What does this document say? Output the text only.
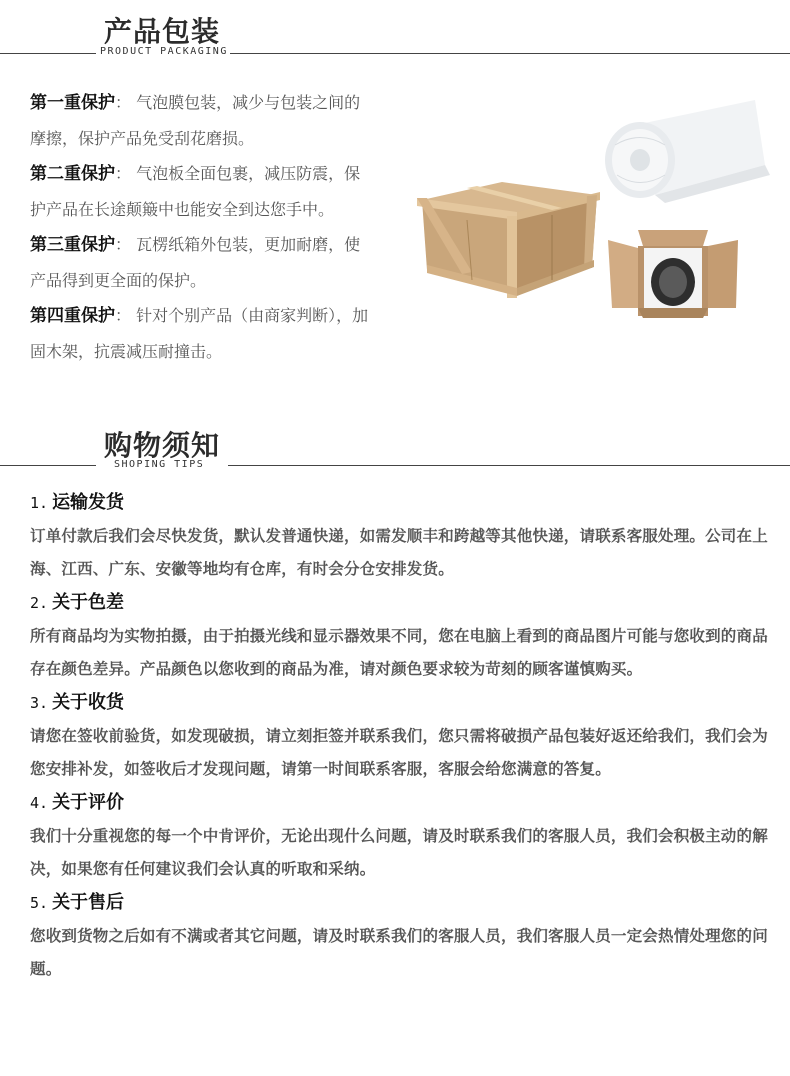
产品包装
PRODUCT PACKAGING
第一重保护： 气泡膜包装，减少与包装之间的摩擦，保护产品免受刮花磨损。
第二重保护： 气泡板全面包裹，减压防震，保护产品在长途颠簸中也能安全到达您手中。
第三重保护： 瓦楞纸箱外包装，更加耐磨，使产品得到更全面的保护。
第四重保护： 针对个别产品（由商家判断），加固木架，抗震减压耐撞击。
购物须知
SHOPING TIPS
1. 运输发货
订单付款后我们会尽快发货，默认发普通快递，如需发顺丰和跨越等其他快递，请联系客服处理。公司在上海、江西、广东、安徽等地均有仓库，有时会分仓安排发货。
2. 关于色差
所有商品均为实物拍摄，由于拍摄光线和显示器效果不同，您在电脑上看到的商品图片可能与您收到的商品存在颜色差异。产品颜色以您收到的商品为准，请对颜色要求较为苛刻的顾客谨慎购买。
3. 关于收货
请您在签收前验货，如发现破损，请立刻拒签并联系我们，您只需将破损产品包装好返还给我们，我们会为您安排补发，如签收后才发现问题，请第一时间联系客服，客服会给您满意的答复。
4. 关于评价
我们十分重视您的每一个中肯评价，无论出现什么问题，请及时联系我们的客服人员，我们会积极主动的解决，如果您有任何建议我们会认真的听取和采纳。
5. 关于售后
您收到货物之后如有不满或者其它问题，请及时联系我们的客服人员，我们客服人员一定会热情处理您的问题。
